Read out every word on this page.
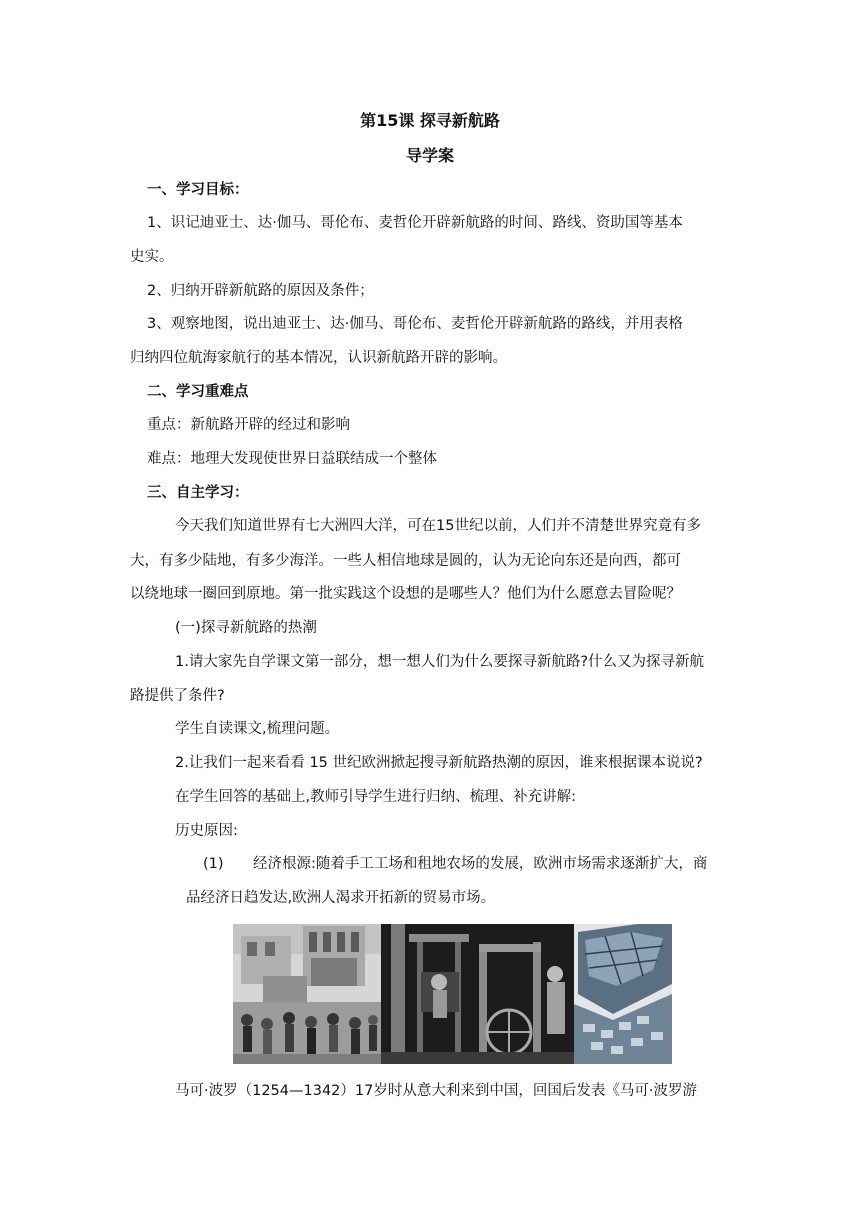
第15课 探寻新航路
导学案
一、学习目标：
1、识记迪亚士、达·伽马、哥伦布、麦哲伦开辟新航路的时间、路线、资助国等基本
史实。
2、归纳开辟新航路的原因及条件；
3、观察地图，说出迪亚士、达·伽马、哥伦布、麦哲伦开辟新航路的路线，并用表格
归纳四位航海家航行的基本情况，认识新航路开辟的影响。
二、学习重难点
重点：新航路开辟的经过和影响
难点：地理大发现使世界日益联结成一个整体
三、自主学习：
今天我们知道世界有七大洲四大洋，可在15世纪以前，人们并不清楚世界究竟有多
大，有多少陆地，有多少海洋。一些人相信地球是圆的，认为无论向东还是向西，都可
以绕地球一圈回到原地。第一批实践这个设想的是哪些人？他们为什么愿意去冒险呢？
(一)探寻新航路的热潮
1.请大家先自学课文第一部分，想一想人们为什么要探寻新航路?什么又为探寻新航
路提供了条件?
学生自读课文,梳理问题。
2.让我们一起来看看 15 世纪欧洲掀起搜寻新航路热潮的原因，谁来根据课本说说?
在学生回答的基础上,教师引导学生进行归纳、梳理、补充讲解:
历史原因:
(1) 经济根源:随着手工工场和租地农场的发展，欧洲市场需求逐渐扩大，商
品经济日趋发达,欧洲人渴求开拓新的贸易市场。
马可·波罗（1254—1342）17岁时从意大利来到中国，回国后发表《马可·波罗游
